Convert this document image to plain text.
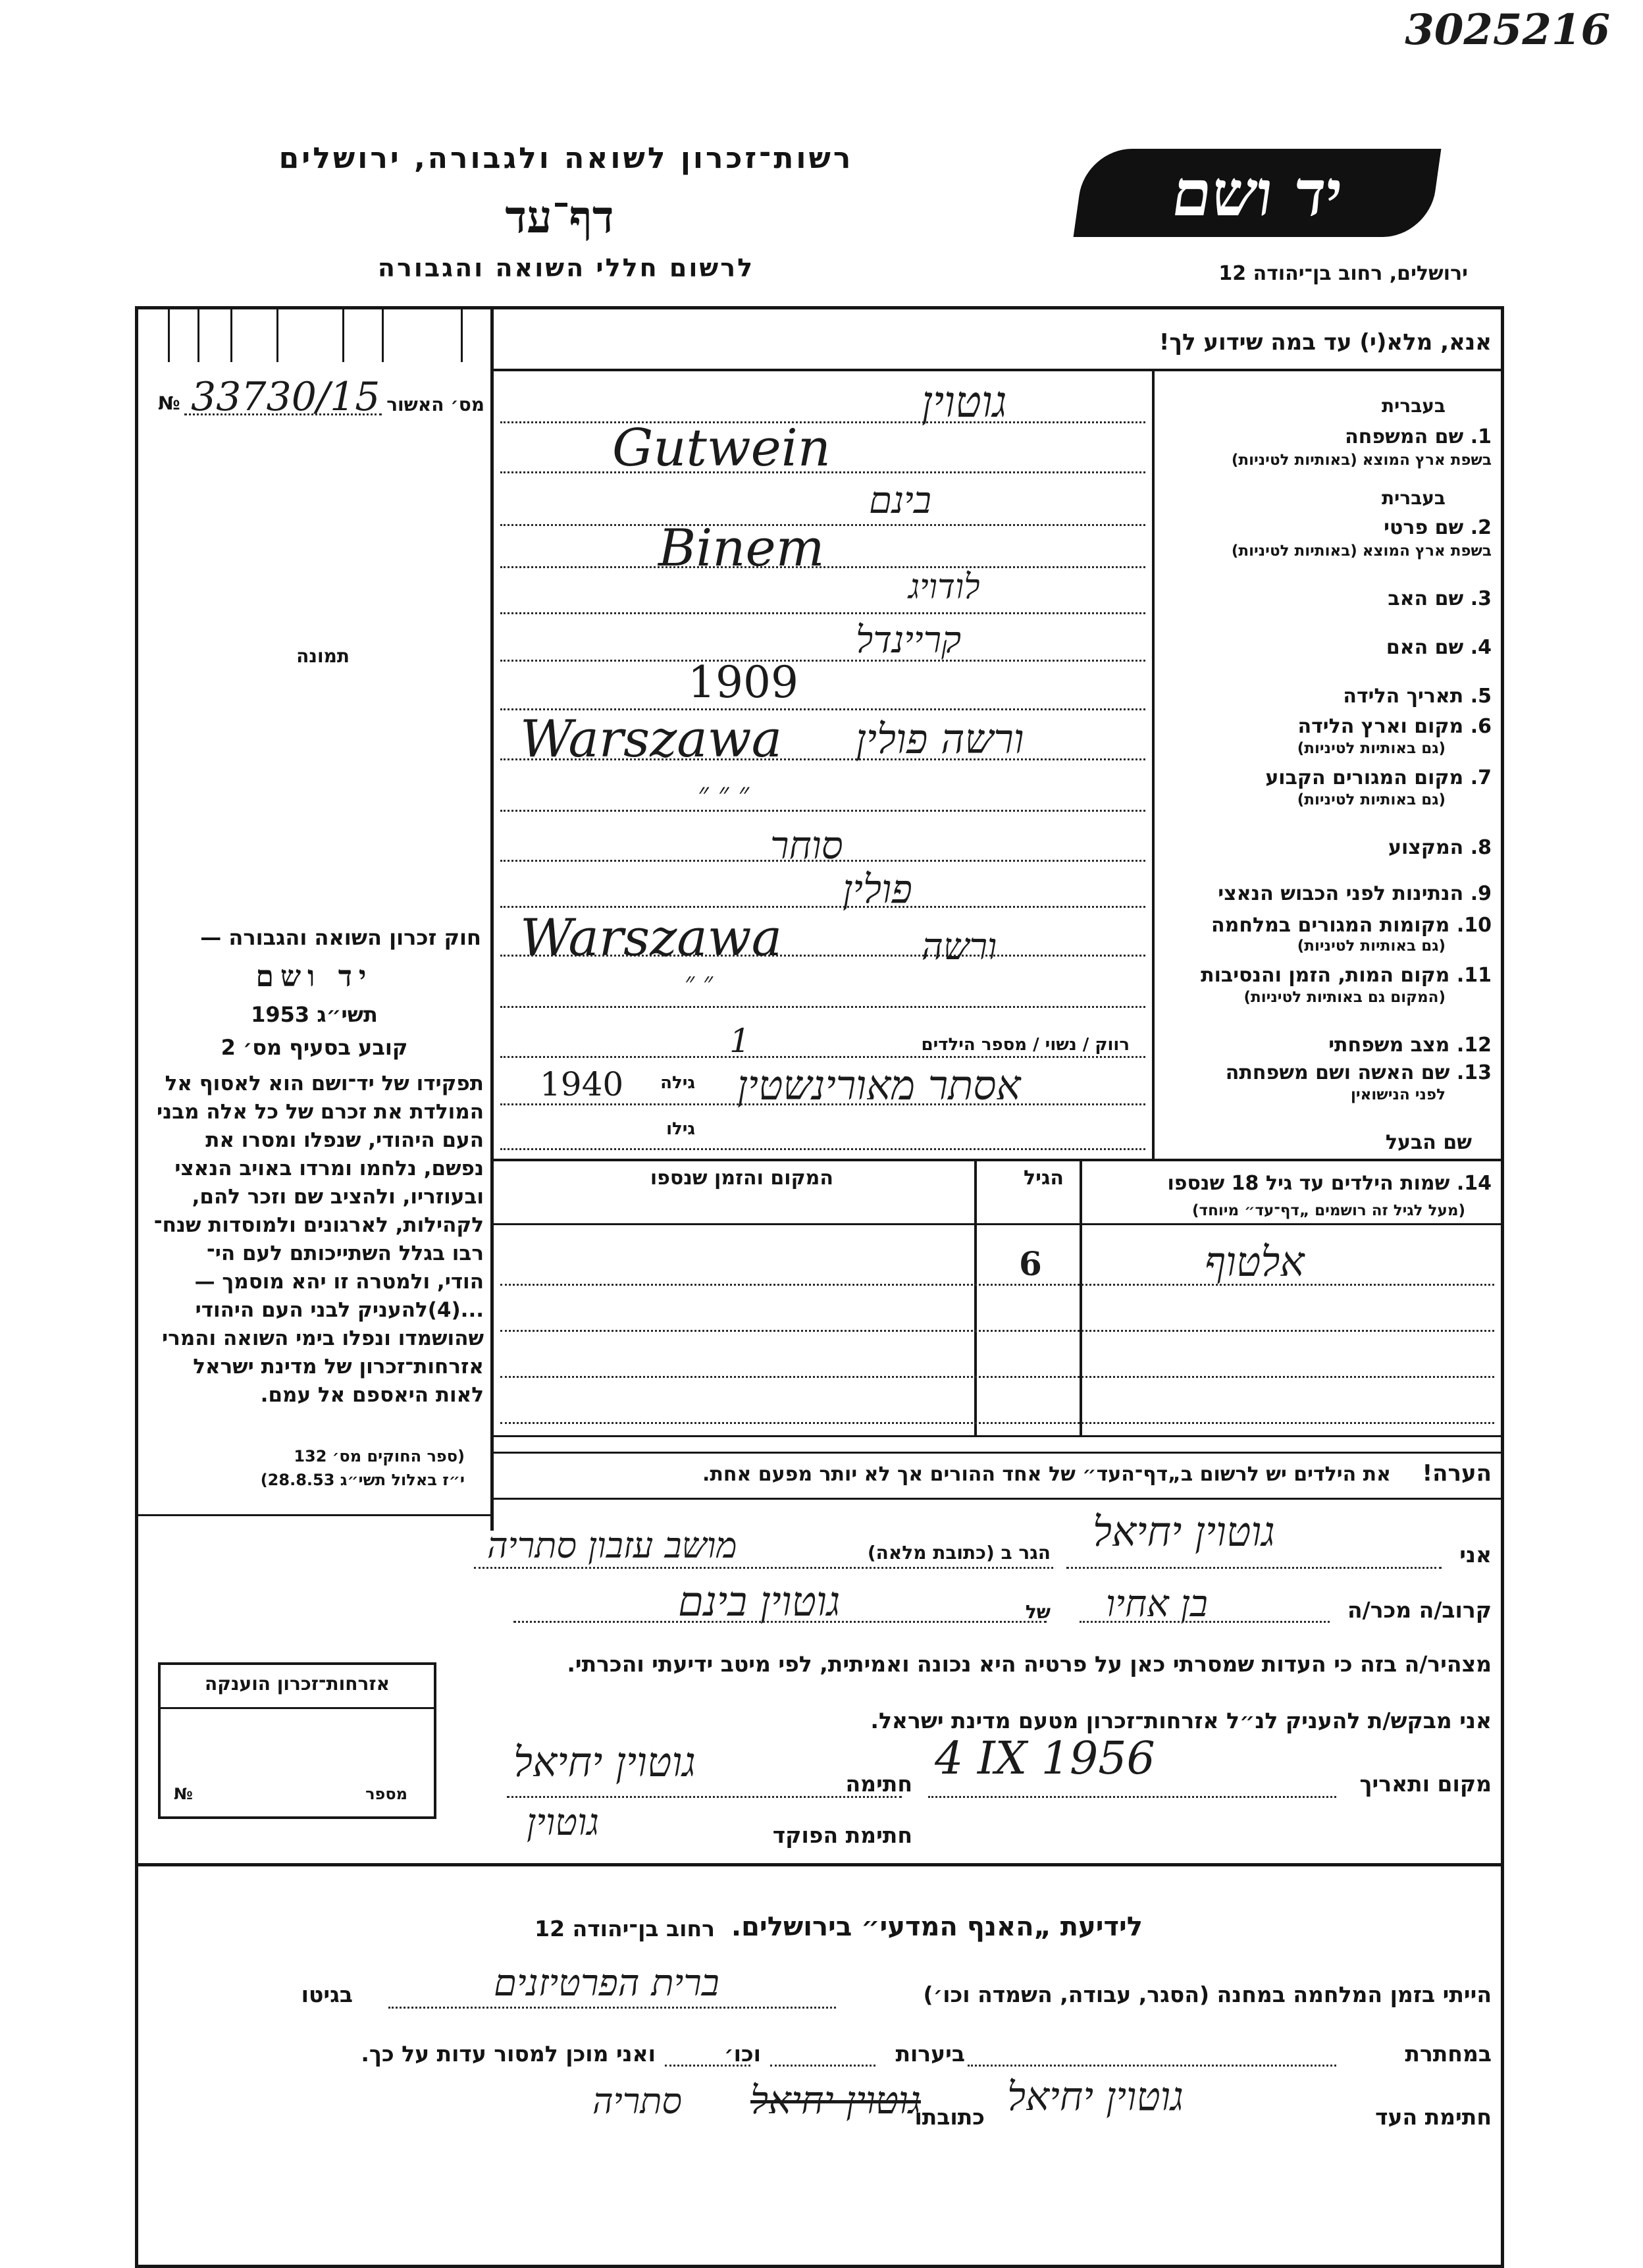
3025216
יד ושם
רשות־זכרון לשואה ולגבורה, ירושלים
דף־עד
לרשום חללי השואה והגבורה	ירושלים, רחוב בן־יהודה 12
אנא, מלא(י) עד במה שידוע לך!
מס׳ האשור
№ 33730/15
תמונה
חוק זכרון השואה והגבורה —
יד ושם
תשי״ג 1953
קובע בסעיף מס׳ 2
תפקידו של יד־ושם הוא לאסוף אל
המולדת את זכרם של כל אלה מבני
העם היהודי, שנפלו ומסרו את
נפשם, נלחמו ומרדו באויב הנאצי
ובעוזריו, ולהציב שם וזכר להם,
לקהילות, לארגונים ולמוסדות שנח־
רבו בגלל השתייכותם לעם הי־
הודי, ולמטרה זו יהא מוסמך —
...(4)להעניק לבני העם היהודי
שהושמדו ונפלו בימי השואה והמרי
אזרחות־זכרון של מדינת ישראל
לאות היאספם אל עמם.
(ספר החוקים מס׳ 132
י״ז באלול תשי״ג 28.8.53)
אזרחות־זכרון הוענקה
מספר
№
בעברית
1. שם המשפחה
בשפת ארץ המוצא (באותיות לטיניות)
בעברית
2. שם פרטי
בשפת ארץ המוצא (באותיות לטיניות)
3. שם האב
4. שם האם
5. תאריך הלידה
6. מקום וארץ הלידה
(גם באותיות לטיניות)
7. מקום המגורים הקבוע
(גם באותיות לטיניות)
8. המקצוע
9. הנתינות לפני הכבוש הנאצי
10. מקומות המגורים במלחמה
(גם באותיות לטיניות)
11. מקום המות, הזמן והנסיבות
(המקום גם באותיות לטיניות)
12. מצב משפחתי
רווק / נשוי / מספר הילדים
13. שם האשה ושם משפחתה
לפני הנישואין
גילה
שם הבעל
גילו
גוטוין
Gutwein
בינם
Binem
לודויג
קריינדל
1909
Warszawa ורשה פולין
״ ״ ״
סוחר
פולין
Warszawa	ורשה
״ ״
1
אסתר מאורינשטין
1940
14. שמות הילדים עד גיל 18 שנספו
(מעל לגיל זה רושמים „דף־עד״ מיוחד)
הגיל
המקום והזמן שנספו
אלטוף
6
הערה!     את הילדים יש לרשום ב„דף־העד״ של אחד ההורים אך לא יותר מפעם אחת.
אני
גוטוין יחיאל
הגר ב (כתובת מלאה)
מושב עזבון סתריה
קרוב/ה מכר/ה
בן אחיו
של
גוטוין בינם
מצהיר/ה בזה כי העדות שמסרתי כאן על פרטיה היא נכונה ואמיתית, לפי מיטב ידיעתי והכרתי.
אני מבקש/ת להעניק לנ״ל אזרחות־זכרון מטעם מדינת ישראל.
מקום ותאריך
4 IX 1956
חתימה
גוטוין יחיאל
חתימת הפוקד
גוטוין
לידיעת „האנף המדעי״ בירושלים.
רחוב בן־יהודה 12
הייתי בזמן המלחמה במחנה (הסגר, עבודה, השמדה וכו׳)
ברית הפרטיזנים
בגיטו
במחתרת
ביערות
וכו׳
ואני מוכן למסור עדות על כך.
חתימת העד
גוטוין יחיאל
כתובתו
גוטוין יחיאל
סתריה
